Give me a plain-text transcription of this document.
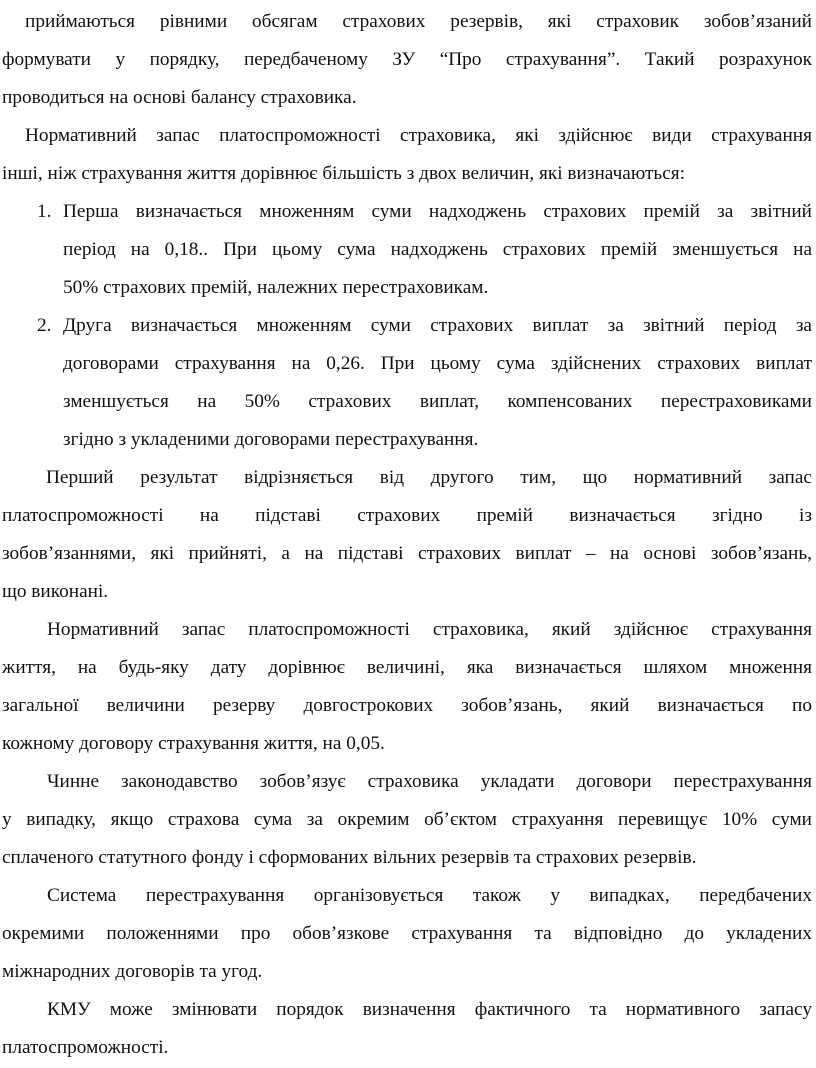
приймаються рівними обсягам страхових резервів, які страховик зобов’язаний
формувати у порядку, передбаченому ЗУ “Про страхування”. Такий розрахунок
проводиться на основі балансу страховика.
Нормативний запас платоспроможності страховика, які здійснює види страхування
інші, ніж страхування життя дорівнює більшість з двох величин, які визначаються:
1. Перша визначається множенням суми надходжень страхових премій за звітний
період на 0,18.. При цьому сума надходжень страхових премій зменшується на
50% страхових премій, належних перестраховикам.
2. Друга визначається множенням суми страхових виплат за звітний період за
договорами страхування на 0,26. При цьому сума здійснених страхових виплат
зменшується на 50% страхових виплат, компенсованих перестраховиками
згідно з укладеними договорами перестрахування.
Перший результат відрізняється від другого тим, що нормативний запас
платоспроможності на підставі страхових премій визначається згідно із
зобов’язаннями, які прийняті, а на підставі страхових виплат – на основі зобов’язань,
що виконані.
Нормативний запас платоспроможності страховика, який здійснює страхування
життя, на будь-яку дату дорівнює величині, яка визначається шляхом множення
загальної величини резерву довгострокових зобов’язань, який визначається по
кожному договору страхування життя, на 0,05.
Чинне законодавство зобов’язує страховика укладати договори перестрахування
у випадку, якщо страхова сума за окремим об’єктом страхуання перевищує 10% суми
сплаченого статутного фонду і сформованих вільних резервів та страхових резервів.
Система перестрахування організовується також у випадках, передбачених
окремими положеннями про обов’язкове страхування та відповідно до укладених
міжнародних договорів та угод.
КМУ може змінювати порядок визначення фактичного та нормативного запасу
платоспроможності.
